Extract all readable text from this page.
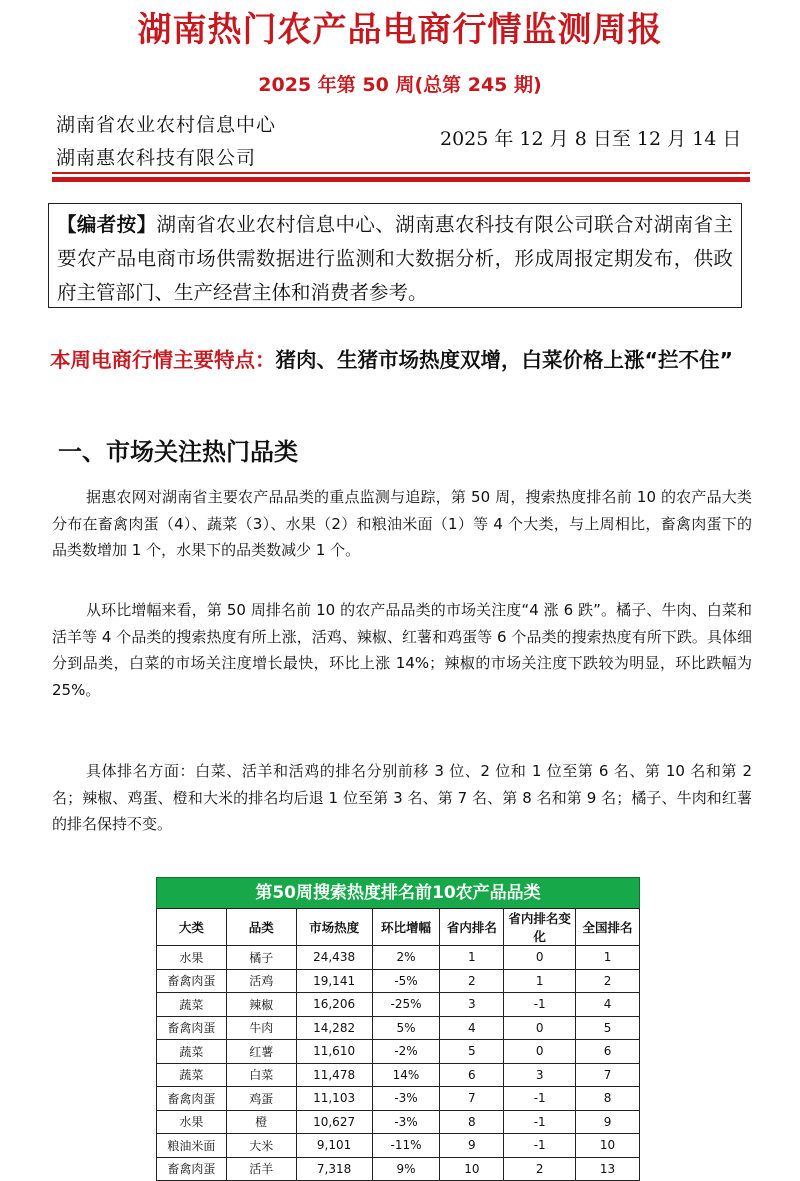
湖南热门农产品电商行情监测周报
2025 年第 50 周(总第 245 期)
湖南省农业农村信息中心
湖南惠农科技有限公司
2025 年 12 月 8 日至 12 月 14 日
【编者按】湖南省农业农村信息中心、湖南惠农科技有限公司联合对湖南省主要农产品电商市场供需数据进行监测和大数据分析，形成周报定期发布，供政府主管部门、生产经营主体和消费者参考。
本周电商行情主要特点：猪肉、生猪市场热度双增，白菜价格上涨“拦不住”
一、市场关注热门品类

据惠农网对湖南省主要农产品品类的重点监测与追踪，第 50 周，搜索热度排名前 10 的农产品大类分布在畜禽肉蛋（4）、蔬菜（3）、水果（2）和粮油米面（1）等 4 个大类，与上周相比，畜禽肉蛋下的品类数增加 1 个，水果下的品类数减少 1 个。

从环比增幅来看，第 50 周排名前 10 的农产品品类的市场关注度“4 涨 6 跌”。橘子、牛肉、白菜和活羊等 4 个品类的搜索热度有所上涨，活鸡、辣椒、红薯和鸡蛋等 6 个品类的搜索热度有所下跌。具体细分到品类，白菜的市场关注度增长最快，环比上涨 14%；辣椒的市场关注度下跌较为明显，环比跌幅为 25%。

具体排名方面：白菜、活羊和活鸡的排名分别前移 3 位、2 位和 1 位至第 6 名、第 10 名和第 2 名；辣椒、鸡蛋、橙和大米的排名均后退 1 位至第 3 名、第 7 名、第 8 名和第 9 名；橘子、牛肉和红薯的排名保持不变。

第50周搜索热度排名前10农产品品类
大类	品类	市场热度	环比增幅	省内排名	省内排名变化	全国排名
水果	橘子	24,438	2%	1	0	1
畜禽肉蛋	活鸡	19,141	-5%	2	1	2
蔬菜	辣椒	16,206	-25%	3	-1	4
畜禽肉蛋	牛肉	14,282	5%	4	0	5
蔬菜	红薯	11,610	-2%	5	0	6
蔬菜	白菜	11,478	14%	6	3	7
畜禽肉蛋	鸡蛋	11,103	-3%	7	-1	8
水果	橙	10,627	-3%	8	-1	9
粮油米面	大米	9,101	-11%	9	-1	10
畜禽肉蛋	活羊	7,318	9%	10	2	13
